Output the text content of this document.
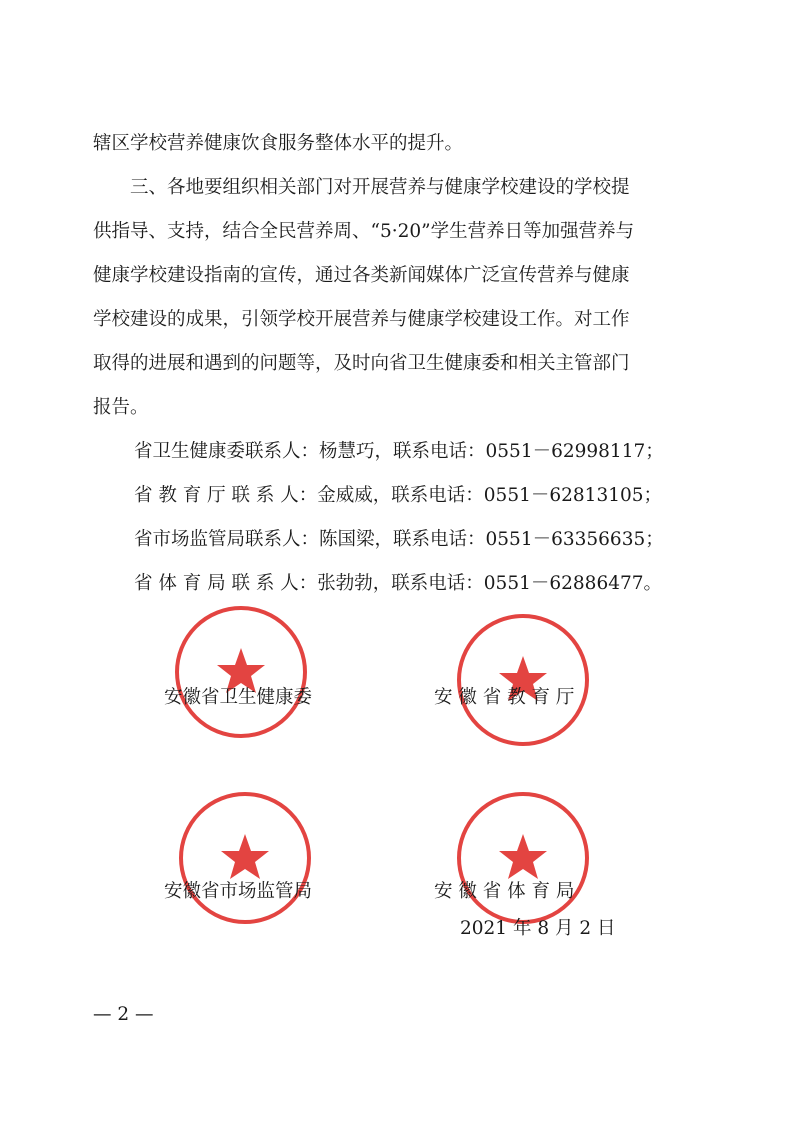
辖区学校营养健康饮食服务整体水平的提升。
　　三、各地要组织相关部门对开展营养与健康学校建设的学校提
供指导、支持，结合全民营养周、“5·20”学生营养日等加强营养与
健康学校建设指南的宣传，通过各类新闻媒体广泛宣传营养与健康
学校建设的成果，引领学校开展营养与健康学校建设工作。对工作
取得的进展和遇到的问题等，及时向省卫生健康委和相关主管部门
报告。
省卫生健康委联系人：杨慧巧，联系电话：0551－62998117；
省 教 育 厅 联 系 人：金威威，联系电话：0551－62813105；
省市场监管局联系人：陈国梁，联系电话：0551－63356635；
省 体 育 局 联 系 人：张勃勃，联系电话：0551－62886477。
安徽省卫生健康委	安 徽 省 教 育 厅
安徽省市场监管局	安 徽 省 体 育 局
2021 年 8 月 2 日
— 2 —
